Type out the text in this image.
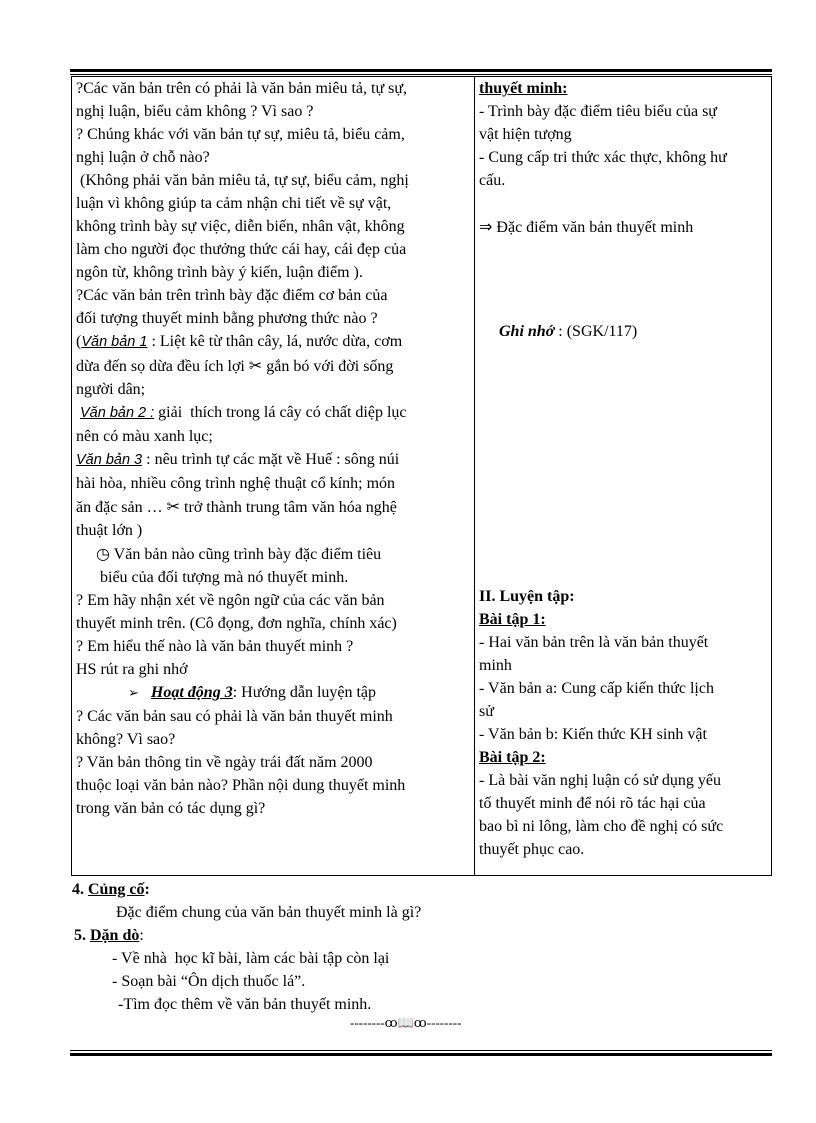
?Các văn bản trên có phải là văn bản miêu tả, tự sự,
nghị luận, biểu cảm không ? Vì sao ?
? Chúng khác với văn bản tự sự, miêu tả, biểu cảm,
nghị luận ở chỗ nào?
(Không phải văn bản miêu tả, tự sự, biểu cảm, nghị
luận vì không giúp ta cảm nhận chi tiết về sự vật,
không trình bày sự việc, diễn biến, nhân vật, không
làm cho người đọc thưởng thức cái hay, cái đẹp của
ngôn từ, không trình bày ý kiến, luận điểm ).
?Các văn bản trên trình bày đặc điểm cơ bản của
đối tượng thuyết minh bằng phương thức nào ?
(Văn bản 1 : Liệt kê từ thân cây, lá, nước dừa, cơm
dừa đến sọ dừa đều ích lợi ✂ gắn bó với đời sống
người dân;
Văn bản 2 : giải  thích trong lá cây có chất diệp lục
nên có màu xanh lục;
Văn bản 3 : nêu trình tự các mặt về Huế : sông núi
hài hòa, nhiều công trình nghệ thuật cổ kính; món
ăn đặc sản … ✂ trở thành trung tâm văn hóa nghệ
thuật lớn )
◷ Văn bản nào cũng trình bày đặc điểm tiêu
biểu của đối tượng mà nó thuyết minh.
? Em hãy nhận xét về ngôn ngữ của các văn bản
thuyết minh trên. (Cô đọng, đơn nghĩa, chính xác)
? Em hiểu thế nào là văn bản thuyết minh ?
HS rút ra ghi nhớ
➢ Hoạt động 3: Hướng dẫn luyện tập
? Các văn bản sau có phải là văn bản thuyết minh
không? Vì sao?
? Văn bản thông tin về ngày trái đất năm 2000
thuộc loại văn bản nào? Phần nội dung thuyết minh
trong văn bản có tác dụng gì?
thuyết minh:
- Trình bày đặc điểm tiêu biểu của sự
vật hiện tượng
- Cung cấp tri thức xác thực, không hư
cấu.
⇒ Đặc điểm văn bản thuyết minh
Ghi nhớ : (SGK/117)
II. Luyện tập:
Bài tập 1:
- Hai văn bản trên là văn bản thuyết
minh
- Văn bản a: Cung cấp kiến thức lịch
sử
- Văn bản b: Kiến thức KH sinh vật
Bài tập 2:
- Là bài văn nghị luận có sử dụng yếu
tố thuyết minh để nói rõ tác hại của
bao bì ni lông, làm cho đề nghị có sức
thuyết phục cao.
4. Củng cố:
Đặc điểm chung của văn bản thuyết minh là gì?
5. Dặn dò:
- Về nhà  học kĩ bài, làm các bài tập còn lại
- Soạn bài “Ôn dịch thuốc lá”.
-Tìm đọc thêm về văn bản thuyết minh.
--------ꝏ📖ꝏ--------
